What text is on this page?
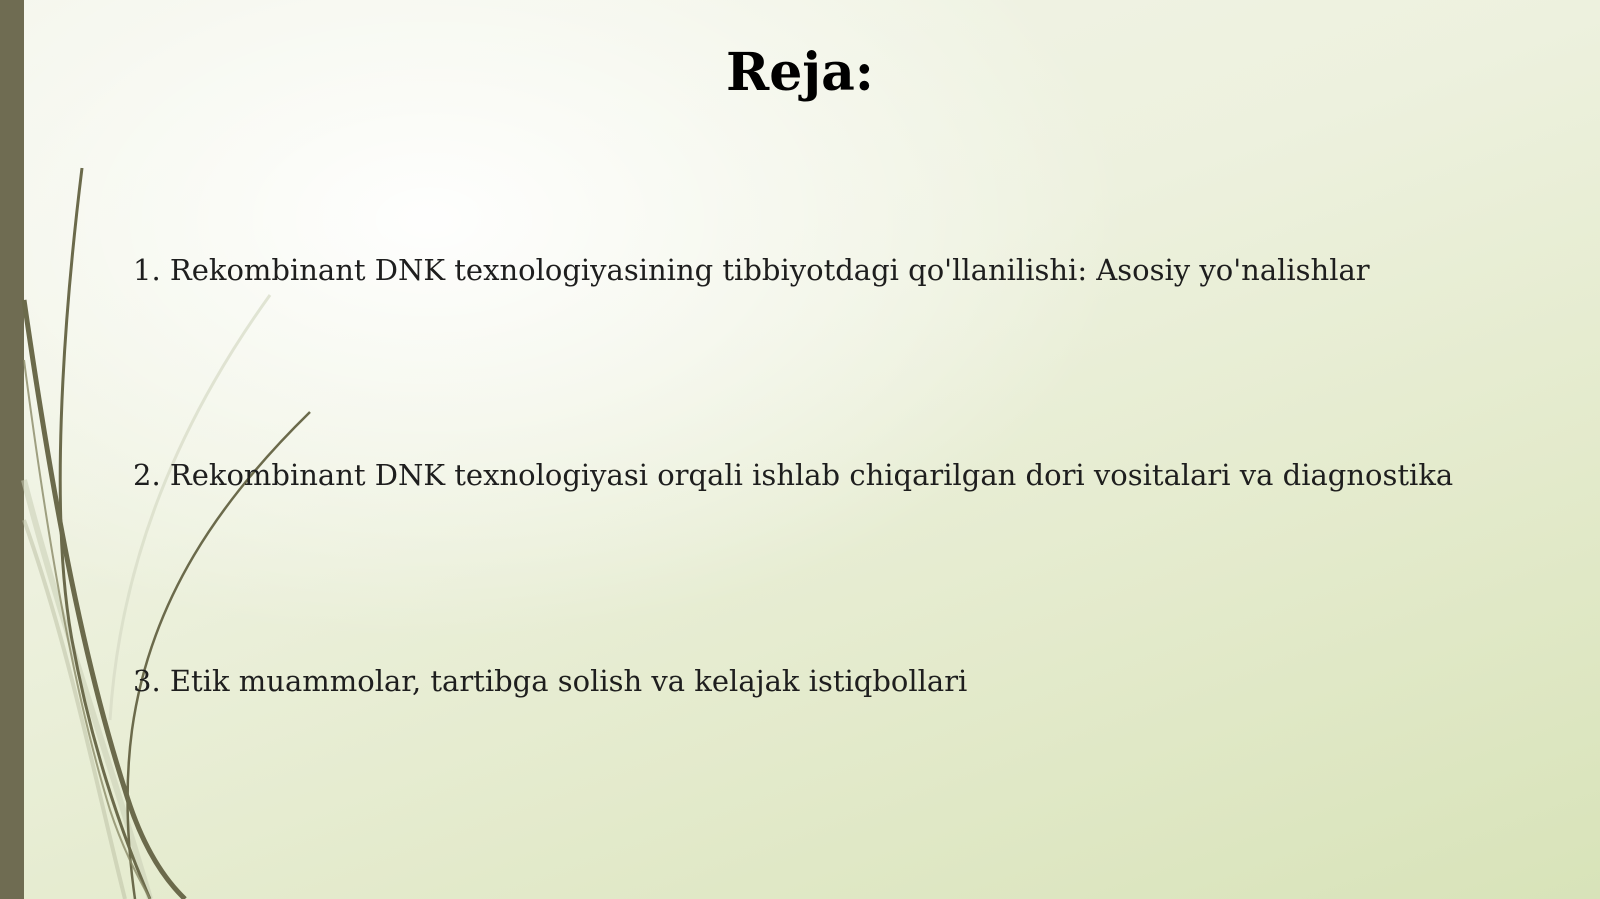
Reja:
1. Rekombinant DNK texnologiyasining tibbiyotdagi qo'llanilishi: Asosiy yo'nalishlar
2. Rekombinant DNK texnologiyasi orqali ishlab chiqarilgan dori vositalari va diagnostika
3. Etik muammolar, tartibga solish va kelajak istiqbollari
